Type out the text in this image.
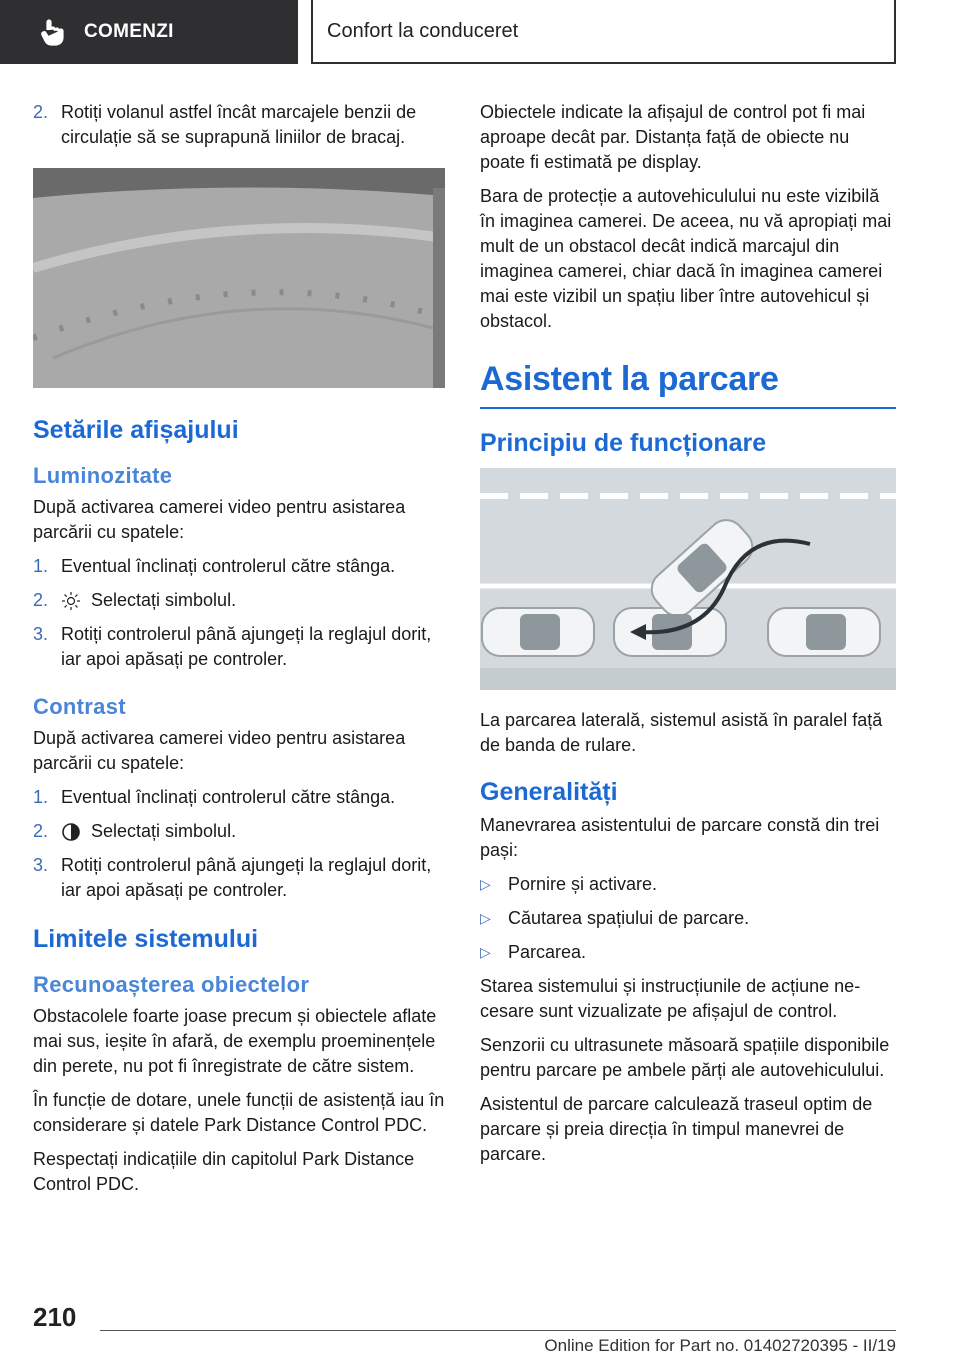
COMENZI	Confort la conduceret
2. Rotiți volanul astfel încât marcajele benzii de circulație să se suprapună liniilor de bracaj.
Setările afișajului
Luminozitate

După activarea camerei video pentru asistarea parcării cu spatele:

1. Eventual înclinați controlerul către stânga.
2.	Selectați simbolul.
3. Rotiți controlerul până ajungeți la reglajul dorit, iar apoi apăsați pe controler.
Contrast

După activarea camerei video pentru asistarea parcării cu spatele:

1. Eventual înclinați controlerul către stânga.
2.	Selectați simbolul.
3. Rotiți controlerul până ajungeți la reglajul dorit, iar apoi apăsați pe controler.
Limitele sistemului
Recunoașterea obiectelor

Obstacolele foarte joase precum și obiectele aflate mai sus, ieșite în afară, de exemplu proeminențele din perete, nu pot fi înregistrate de către sistem.

În funcție de dotare, unele funcții de asistență iau în considerare și datele Park Distance Control PDC.

Respectați indicațiile din capitolul Park Distance Control PDC.

Obiectele indicate la afișajul de control pot fi mai aproape decât par. Distanța față de obiecte nu poate fi estimată pe display.

Bara de protecție a autovehiculului nu este vizibilă în imaginea camerei. De aceea, nu vă apropiați mai mult de un obstacol decât indică marcajul din imaginea camerei, chiar dacă în imaginea camerei mai este vizibil un spațiu liber între autovehicul și obstacol.

Asistent la parcare
Principiu de funcționare

La parcarea laterală, sistemul asistă în paralel față de banda de rulare.

Generalități

Manevrarea asistentului de parcare constă din trei pași:

▷ Pornire și activare.
▷ Căutarea spațiului de parcare.
▷ Parcarea.

Starea sistemului și instrucțiunile de acțiune necesare sunt vizualizate pe afișajul de control.

Senzorii cu ultrasunete măsoară spațiile disponibile pentru parcare pe ambele părți ale autovehiculului.

Asistentul de parcare calculează traseul optim de parcare și preia direcția în timpul manevrei de parcare.

210
Online Edition for Part no. 01402720395 - II/19
